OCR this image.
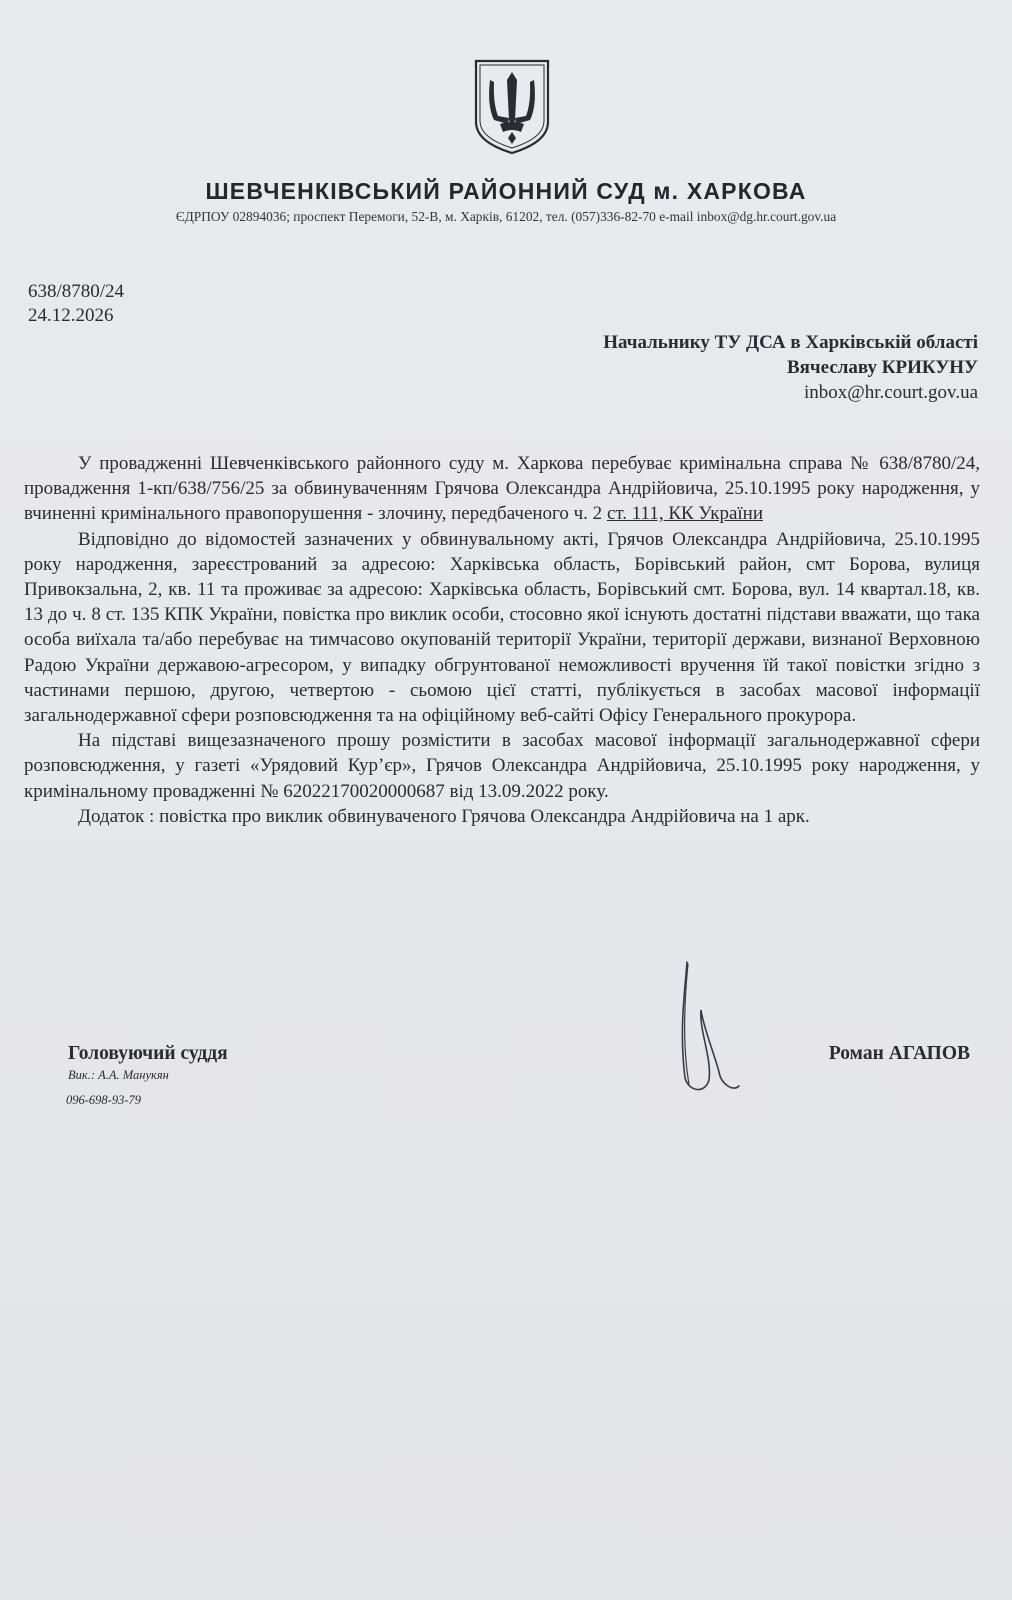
ШЕВЧЕНКІВСЬКИЙ РАЙОННИЙ СУД м. ХАРКОВА
ЄДРПОУ 02894036; проспект Перемоги, 52-В, м. Харків, 61202, тел. (057)336-82-70 e-mail inbox@dg.hr.court.gov.ua
638/8780/24
24.12.2026
Начальнику ТУ ДСА в Харківській області
Вячеславу КРИКУНУ
inbox@hr.court.gov.ua

У провадженні Шевченківського районного суду м. Харкова перебуває кримінальна справа № 638/8780/24, провадження 1-кп/638/756/25 за обвинуваченням Грячова Олександра Андрійовича, 25.10.1995 року народження, у вчиненні кримінального правопорушення - злочину, передбаченого ч. 2 ст. 111, КК України

Відповідно до відомостей зазначених у обвинувальному акті, Грячов Олександра Андрійовича, 25.10.1995 року народження, зареєстрований за адресою: Харківська область, Борівський район, смт Борова, вулиця Привокзальна, 2, кв. 11 та проживає за адресою: Харківська область, Борівський смт. Борова, вул. 14 квартал.18, кв. 13 до ч. 8 ст. 135 КПК України, повістка про виклик особи, стосовно якої існують достатні підстави вважати, що така особа виїхала та/або перебуває на тимчасово окупованій території України, території держави, визнаної Верховною Радою України державою-агресором, у випадку обгрунтованої неможливості вручення їй такої повістки згідно з частинами першою, другою, четвертою - сьомою цієї статті, публікується в засобах масової інформації загальнодержавної сфери розповсюдження та на офіційному веб-сайті Офісу Генерального прокурора.

На підставі вищезазначеного прошу розмістити в засобах масової інформації загальнодержавної сфери розповсюдження, у газеті «Урядовий Кур’єр», Грячов Олександра Андрійовича, 25.10.1995 року народження, у кримінальному провадженні № 62022170020000687 від 13.09.2022 року.

Додаток : повістка про виклик обвинуваченого Грячова Олександра Андрійовича на 1 арк.

Головуючий суддя
Вик.: А.А. Манукян
096-698-93-79
Роман АГАПОВ
